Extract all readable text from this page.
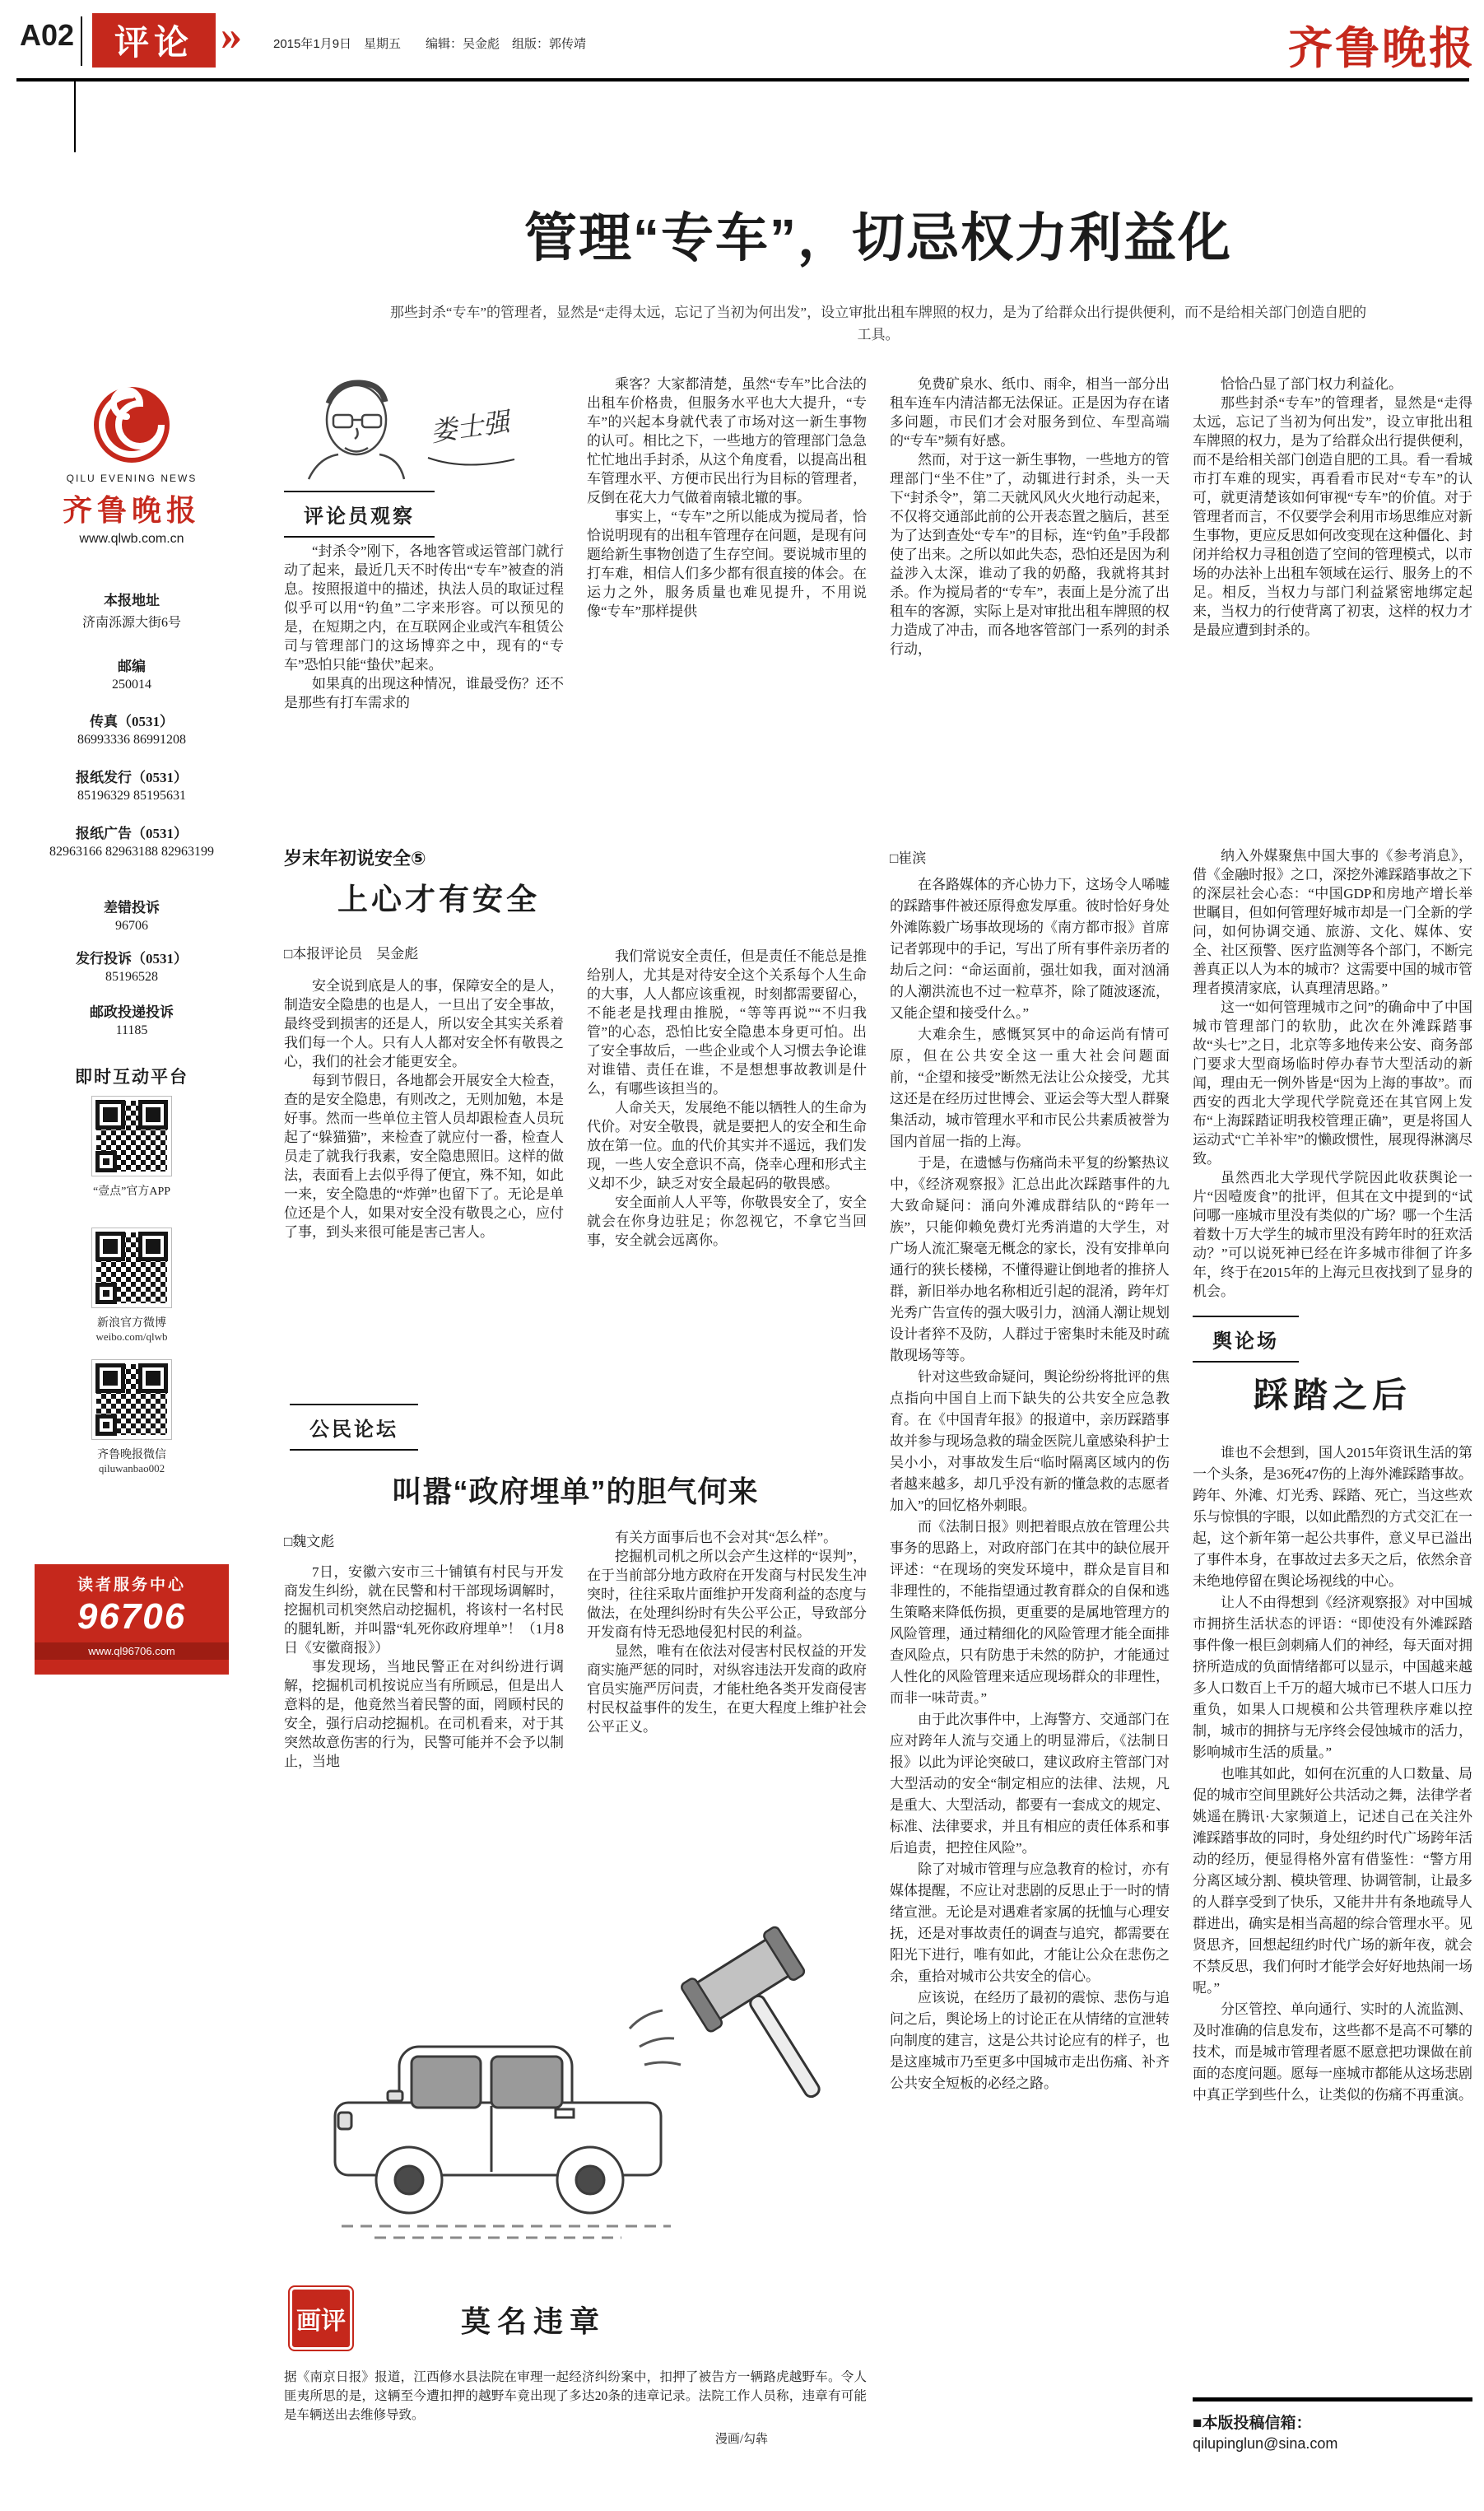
A02 评论 »	2015年1月9日　星期五　　编辑：吴金彪　组版：郭传靖	齐鲁晚报
QILU EVENING NEWS
齐鲁晚报
www.qlwb.com.cn
本报地址
济南泺源大街6号
邮编
250014
传真（0531）
86993336 86991208
报纸发行（0531）
85196329 85195631
报纸广告（0531）
82963166 82963188 82963199
差错投诉
96706
发行投诉（0531）
85196528
邮政投递投诉
11185
即时互动平台
“壹点”官方APP
新浪官方微博
weibo.com/qlwb
齐鲁晚报微信
qiluwanbao002
读者服务中心
96706
www.ql96706.com
管理“专车”，切忌权力利益化
那些封杀“专车”的管理者，显然是“走得太远，忘记了当初为何出发”，设立审批出租车牌照的权力，是为了给群众出行提供便利，而不是给相关部门创造自肥的工具。
娄士强
评论员观察

“封杀令”刚下，各地客管或运管部门就行动了起来，最近几天不时传出“专车”被查的消息。按照报道中的描述，执法人员的取证过程似乎可以用“钓鱼”二字来形容。可以预见的是，在短期之内，在互联网企业或汽车租赁公司与管理部门的这场博弈之中，现有的“专车”恐怕只能“蛰伏”起来。

如果真的出现这种情况，谁最受伤？还不是那些有打车需求的

乘客？大家都清楚，虽然“专车”比合法的出租车价格贵，但服务水平也大大提升，“专车”的兴起本身就代表了市场对这一新生事物的认可。相比之下，一些地方的管理部门急急忙忙地出手封杀，从这个角度看，以提高出租车管理水平、方便市民出行为目标的管理者，反倒在花大力气做着南辕北辙的事。

事实上，“专车”之所以能成为搅局者，恰恰说明现有的出租车管理存在问题，是现有问题给新生事物创造了生存空间。要说城市里的打车难，相信人们多少都有很直接的体会。在运力之外，服务质量也难见提升，不用说像“专车”那样提供

免费矿泉水、纸巾、雨伞，相当一部分出租车连车内清洁都无法保证。正是因为存在诸多问题，市民们才会对服务到位、车型高端的“专车”频有好感。

然而，对于这一新生事物，一些地方的管理部门“坐不住”了，动辄进行封杀，头一天下“封杀令”，第二天就风风火火地行动起来，不仅将交通部此前的公开表态置之脑后，甚至为了达到查处“专车”的目标，连“钓鱼”手段都使了出来。之所以如此失态，恐怕还是因为利益涉入太深，谁动了我的奶酪，我就将其封杀。作为搅局者的“专车”，表面上是分流了出租车的客源，实际上是对审批出租车牌照的权力造成了冲击，而各地客管部门一系列的封杀行动，

恰恰凸显了部门权力利益化。

那些封杀“专车”的管理者，显然是“走得太远，忘记了当初为何出发”，设立审批出租车牌照的权力，是为了给群众出行提供便利，而不是给相关部门创造自肥的工具。看一看城市打车难的现实，再看看市民对“专车”的认可，就更清楚该如何审视“专车”的价值。对于管理者而言，不仅要学会利用市场思维应对新生事物，更应反思如何改变现在这种僵化、封闭并给权力寻租创造了空间的管理模式，以市场的办法补上出租车领域在运行、服务上的不足。相反，当权力与部门利益紧密地绑定起来，当权力的行使背离了初衷，这样的权力才是最应遭到封杀的。

岁末年初说安全⑤
上心才有安全
□本报评论员　吴金彪

安全说到底是人的事，保障安全的是人，制造安全隐患的也是人，一旦出了安全事故，最终受到损害的还是人，所以安全其实关系着我们每一个人。只有人人都对安全怀有敬畏之心，我们的社会才能更安全。

每到节假日，各地都会开展安全大检查，查的是安全隐患，有则改之，无则加勉，本是好事。然而一些单位主管人员却跟检查人员玩起了“躲猫猫”，来检查了就应付一番，检查人员走了就我行我素，安全隐患照旧。这样的做法，表面看上去似乎得了便宜，殊不知，如此一来，安全隐患的“炸弹”也留下了。无论是单位还是个人，如果对安全没有敬畏之心，应付了事，到头来很可能是害己害人。

我们常说安全责任，但是责任不能总是推给别人，尤其是对待安全这个关系每个人生命的大事，人人都应该重视，时刻都需要留心，不能老是找理由推脱，“等等再说”“不归我管”的心态，恐怕比安全隐患本身更可怕。出了安全事故后，一些企业或个人习惯去争论谁对谁错、责任在谁，不是想想事故教训是什么，有哪些该担当的。

人命关天，发展绝不能以牺牲人的生命为代价。对安全敬畏，就是要把人的安全和生命放在第一位。血的代价其实并不遥远，我们发现，一些人安全意识不高，侥幸心理和形式主义却不少，缺乏对安全最起码的敬畏感。

安全面前人人平等，你敬畏安全了，安全就会在你身边驻足；你忽视它，不拿它当回事，安全就会远离你。

公民论坛
叫嚣“政府埋单”的胆气何来
□魏文彪

7日，安徽六安市三十铺镇有村民与开发商发生纠纷，就在民警和村干部现场调解时，挖掘机司机突然启动挖掘机，将该村一名村民的腿轧断，并叫嚣“轧死你政府埋单”！（1月8日《安徽商报》）

事发现场，当地民警正在对纠纷进行调解，挖掘机司机按说应当有所顾忌，但是出人意料的是，他竟然当着民警的面，罔顾村民的安全，强行启动挖掘机。在司机看来，对于其突然故意伤害的行为，民警可能并不会予以制止，当地

有关方面事后也不会对其“怎么样”。

挖掘机司机之所以会产生这样的“误判”，在于当前部分地方政府在开发商与村民发生冲突时，往往采取片面维护开发商利益的态度与做法，在处理纠纷时有失公平公正，导致部分开发商有恃无恐地侵犯村民的利益。

显然，唯有在依法对侵害村民权益的开发商实施严惩的同时，对纵容违法开发商的政府官员实施严厉问责，才能杜绝各类开发商侵害村民权益事件的发生，在更大程度上维护社会公平正义。

画评	莫名违章
据《南京日报》报道，江西修水县法院在审理一起经济纠纷案中，扣押了被告方一辆路虎越野车。令人匪夷所思的是，这辆至今遭扣押的越野车竟出现了多达20条的违章记录。法院工作人员称，违章有可能是车辆送出去维修导致。
漫画/勾犇
□崔滨

在各路媒体的齐心协力下，这场令人唏嘘的踩踏事件被还原得愈发厚重。彼时恰好身处外滩陈毅广场事故现场的《南方都市报》首席记者郭现中的手记，写出了所有事件亲历者的劫后之问：“命运面前，强壮如我，面对汹涌的人潮洪流也不过一粒草芥，除了随波逐流，又能企望和接受什么。”

大难余生，感慨冥冥中的命运尚有情可原，但在公共安全这一重大社会问题面前，“企望和接受”断然无法让公众接受，尤其这还是在经历过世博会、亚运会等大型人群聚集活动，城市管理水平和市民公共素质被誉为国内首屈一指的上海。

于是，在遗憾与伤痛尚未平复的纷繁热议中，《经济观察报》汇总出此次踩踏事件的九大致命疑问：涌向外滩成群结队的“跨年一族”，只能仰赖免费灯光秀消遣的大学生，对广场人流汇聚毫无概念的家长，没有安排单向通行的狭长楼梯，不懂得避让倒地者的推挤人群，新旧举办地名称相近引起的混淆，跨年灯光秀广告宣传的强大吸引力，汹涌人潮让规划设计者猝不及防，人群过于密集时未能及时疏散现场等等。

针对这些致命疑问，舆论纷纷将批评的焦点指向中国自上而下缺失的公共安全应急教育。在《中国青年报》的报道中，亲历踩踏事故并参与现场急救的瑞金医院儿童感染科护士吴小小，对事故发生后“临时隔离区域内的伤者越来越多，却几乎没有新的懂急救的志愿者加入”的回忆格外刺眼。

而《法制日报》则把着眼点放在管理公共事务的思路上，对政府部门在其中的缺位展开评述：“在现场的突发环境中，群众是盲目和非理性的，不能指望通过教育群众的自保和逃生策略来降低伤损，更重要的是属地管理方的风险管理，通过精细化的风险管理才能全面排查风险点，只有防患于未然的防护，才能通过人性化的风险管理来适应现场群众的非理性，而非一味苛责。”

由于此次事件中，上海警方、交通部门在应对跨年人流与交通上的明显滞后，《法制日报》以此为评论突破口，建议政府主管部门对大型活动的安全“制定相应的法律、法规，凡是重大、大型活动，都要有一套成文的规定、标准、法律要求，并且有相应的责任体系和事后追责，把控住风险”。

除了对城市管理与应急教育的检讨，亦有媒体提醒，不应让对悲剧的反思止于一时的情绪宣泄。无论是对遇难者家属的抚恤与心理安抚，还是对事故责任的调查与追究，都需要在阳光下进行，唯有如此，才能让公众在悲伤之余，重拾对城市公共安全的信心。

应该说，在经历了最初的震惊、悲伤与追问之后，舆论场上的讨论正在从情绪的宣泄转向制度的建言，这是公共讨论应有的样子，也是这座城市乃至更多中国城市走出伤痛、补齐公共安全短板的必经之路。

纳入外媒聚焦中国大事的《参考消息》，借《金融时报》之口，深挖外滩踩踏事故之下的深层社会心态：“中国GDP和房地产增长举世瞩目，但如何管理好城市却是一门全新的学问，如何协调交通、旅游、文化、媒体、安全、社区预警、医疗监测等各个部门，不断完善真正以人为本的城市？这需要中国的城市管理者摸清家底，认真理清思路。”

这一“如何管理城市之问”的确命中了中国城市管理部门的软肋，此次在外滩踩踏事故“头七”之日，北京等多地传来公安、商务部门要求大型商场临时停办春节大型活动的新闻，理由无一例外皆是“因为上海的事故”。而西安的西北大学现代学院竟还在其官网上发布“上海踩踏证明我校管理正确”，更是将国人运动式“亡羊补牢”的懒政惯性，展现得淋漓尽致。

虽然西北大学现代学院因此收获舆论一片“因噎废食”的批评，但其在文中提到的“试问哪一座城市里没有类似的广场？哪一个生活着数十万大学生的城市里没有跨年时的狂欢活动？”可以说死神已经在许多城市徘徊了许多年，终于在2015年的上海元旦夜找到了显身的机会。

舆论场
踩踏之后

谁也不会想到，国人2015年资讯生活的第一个头条，是36死47伤的上海外滩踩踏事故。跨年、外滩、灯光秀、踩踏、死亡，当这些欢乐与惊惧的字眼，以如此酷烈的方式交汇在一起，这个新年第一起公共事件，意义早已溢出了事件本身，在事故过去多天之后，依然余音未绝地停留在舆论场视线的中心。

让人不由得想到《经济观察报》对中国城市拥挤生活状态的评语：“即使没有外滩踩踏事件像一根巨剑刺痛人们的神经，每天面对拥挤所造成的负面情绪都可以显示，中国越来越多人口数百上千万的超大城市已不堪人口压力重负，如果人口规模和公共管理秩序难以控制，城市的拥挤与无序终会侵蚀城市的活力，影响城市生活的质量。”

也唯其如此，如何在沉重的人口数量、局促的城市空间里跳好公共活动之舞，法律学者姚遥在腾讯·大家频道上，记述自己在关注外滩踩踏事故的同时，身处纽约时代广场跨年活动的经历，便显得格外富有借鉴性：“警方用分离区域分割、模块管理、协调管制，让最多的人群享受到了快乐，又能井井有条地疏导人群进出，确实是相当高超的综合管理水平。见贤思齐，回想起纽约时代广场的新年夜，就会不禁反思，我们何时才能学会好好地热闹一场呢。”

分区管控、单向通行、实时的人流监测、及时准确的信息发布，这些都不是高不可攀的技术，而是城市管理者愿不愿意把功课做在前面的态度问题。愿每一座城市都能从这场悲剧中真正学到些什么，让类似的伤痛不再重演。

■本版投稿信箱：
qilupinglun@sina.com
